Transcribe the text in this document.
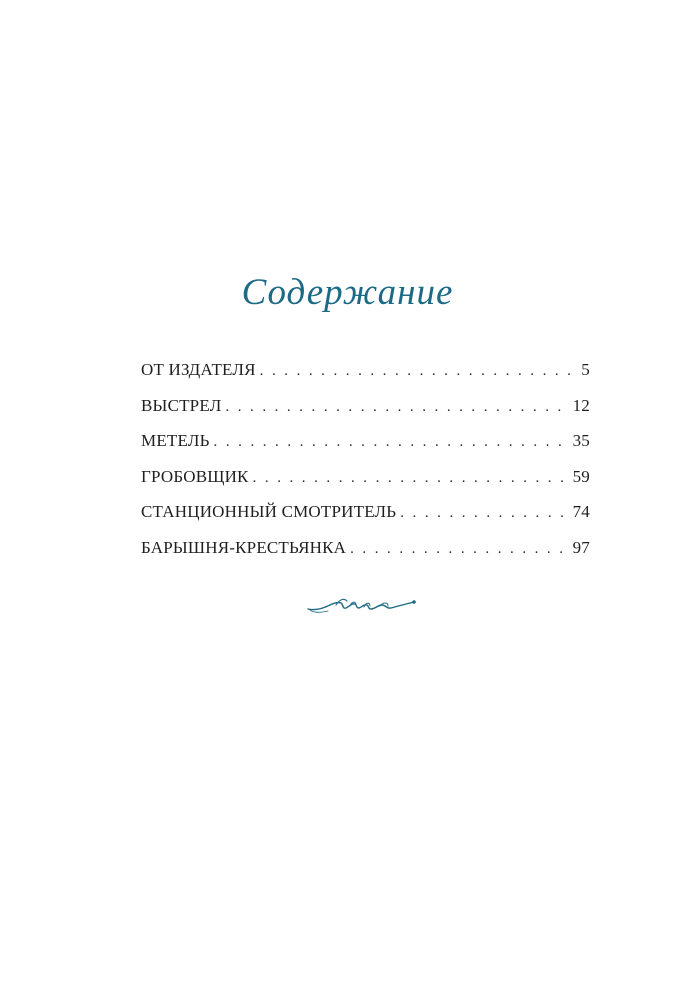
Содержание
ОТ ИЗДАТЕЛЯ . . .	5
ВЫСТРЕЛ . . .	12
МЕТЕЛЬ . . .	35
ГРОБОВЩИК . . .	59
СТАНЦИОННЫЙ СМОТРИТЕЛЬ . . .	74
БАРЫШНЯ-КРЕСТЬЯНКА . . .	97
